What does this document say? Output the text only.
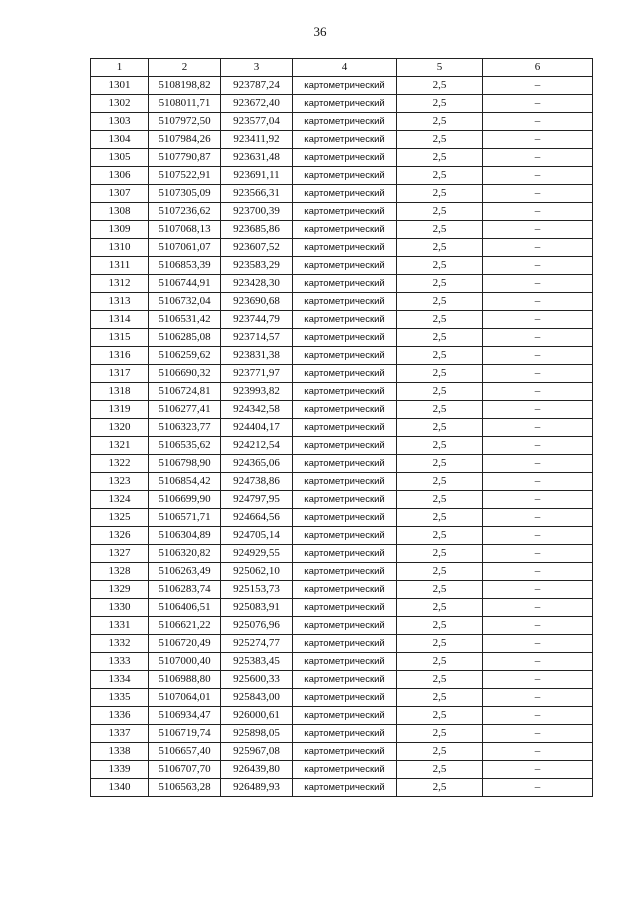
36
1	2	3	4	5	6
1301	5108198,82	923787,24	картометрический	2,5	–
1302	5108011,71	923672,40	картометрический	2,5	–
1303	5107972,50	923577,04	картометрический	2,5	–
1304	5107984,26	923411,92	картометрический	2,5	–
1305	5107790,87	923631,48	картометрический	2,5	–
1306	5107522,91	923691,11	картометрический	2,5	–
1307	5107305,09	923566,31	картометрический	2,5	–
1308	5107236,62	923700,39	картометрический	2,5	–
1309	5107068,13	923685,86	картометрический	2,5	–
1310	5107061,07	923607,52	картометрический	2,5	–
1311	5106853,39	923583,29	картометрический	2,5	–
1312	5106744,91	923428,30	картометрический	2,5	–
1313	5106732,04	923690,68	картометрический	2,5	–
1314	5106531,42	923744,79	картометрический	2,5	–
1315	5106285,08	923714,57	картометрический	2,5	–
1316	5106259,62	923831,38	картометрический	2,5	–
1317	5106690,32	923771,97	картометрический	2,5	–
1318	5106724,81	923993,82	картометрический	2,5	–
1319	5106277,41	924342,58	картометрический	2,5	–
1320	5106323,77	924404,17	картометрический	2,5	–
1321	5106535,62	924212,54	картометрический	2,5	–
1322	5106798,90	924365,06	картометрический	2,5	–
1323	5106854,42	924738,86	картометрический	2,5	–
1324	5106699,90	924797,95	картометрический	2,5	–
1325	5106571,71	924664,56	картометрический	2,5	–
1326	5106304,89	924705,14	картометрический	2,5	–
1327	5106320,82	924929,55	картометрический	2,5	–
1328	5106263,49	925062,10	картометрический	2,5	–
1329	5106283,74	925153,73	картометрический	2,5	–
1330	5106406,51	925083,91	картометрический	2,5	–
1331	5106621,22	925076,96	картометрический	2,5	–
1332	5106720,49	925274,77	картометрический	2,5	–
1333	5107000,40	925383,45	картометрический	2,5	–
1334	5106988,80	925600,33	картометрический	2,5	–
1335	5107064,01	925843,00	картометрический	2,5	–
1336	5106934,47	926000,61	картометрический	2,5	–
1337	5106719,74	925898,05	картометрический	2,5	–
1338	5106657,40	925967,08	картометрический	2,5	–
1339	5106707,70	926439,80	картометрический	2,5	–
1340	5106563,28	926489,93	картометрический	2,5	–
